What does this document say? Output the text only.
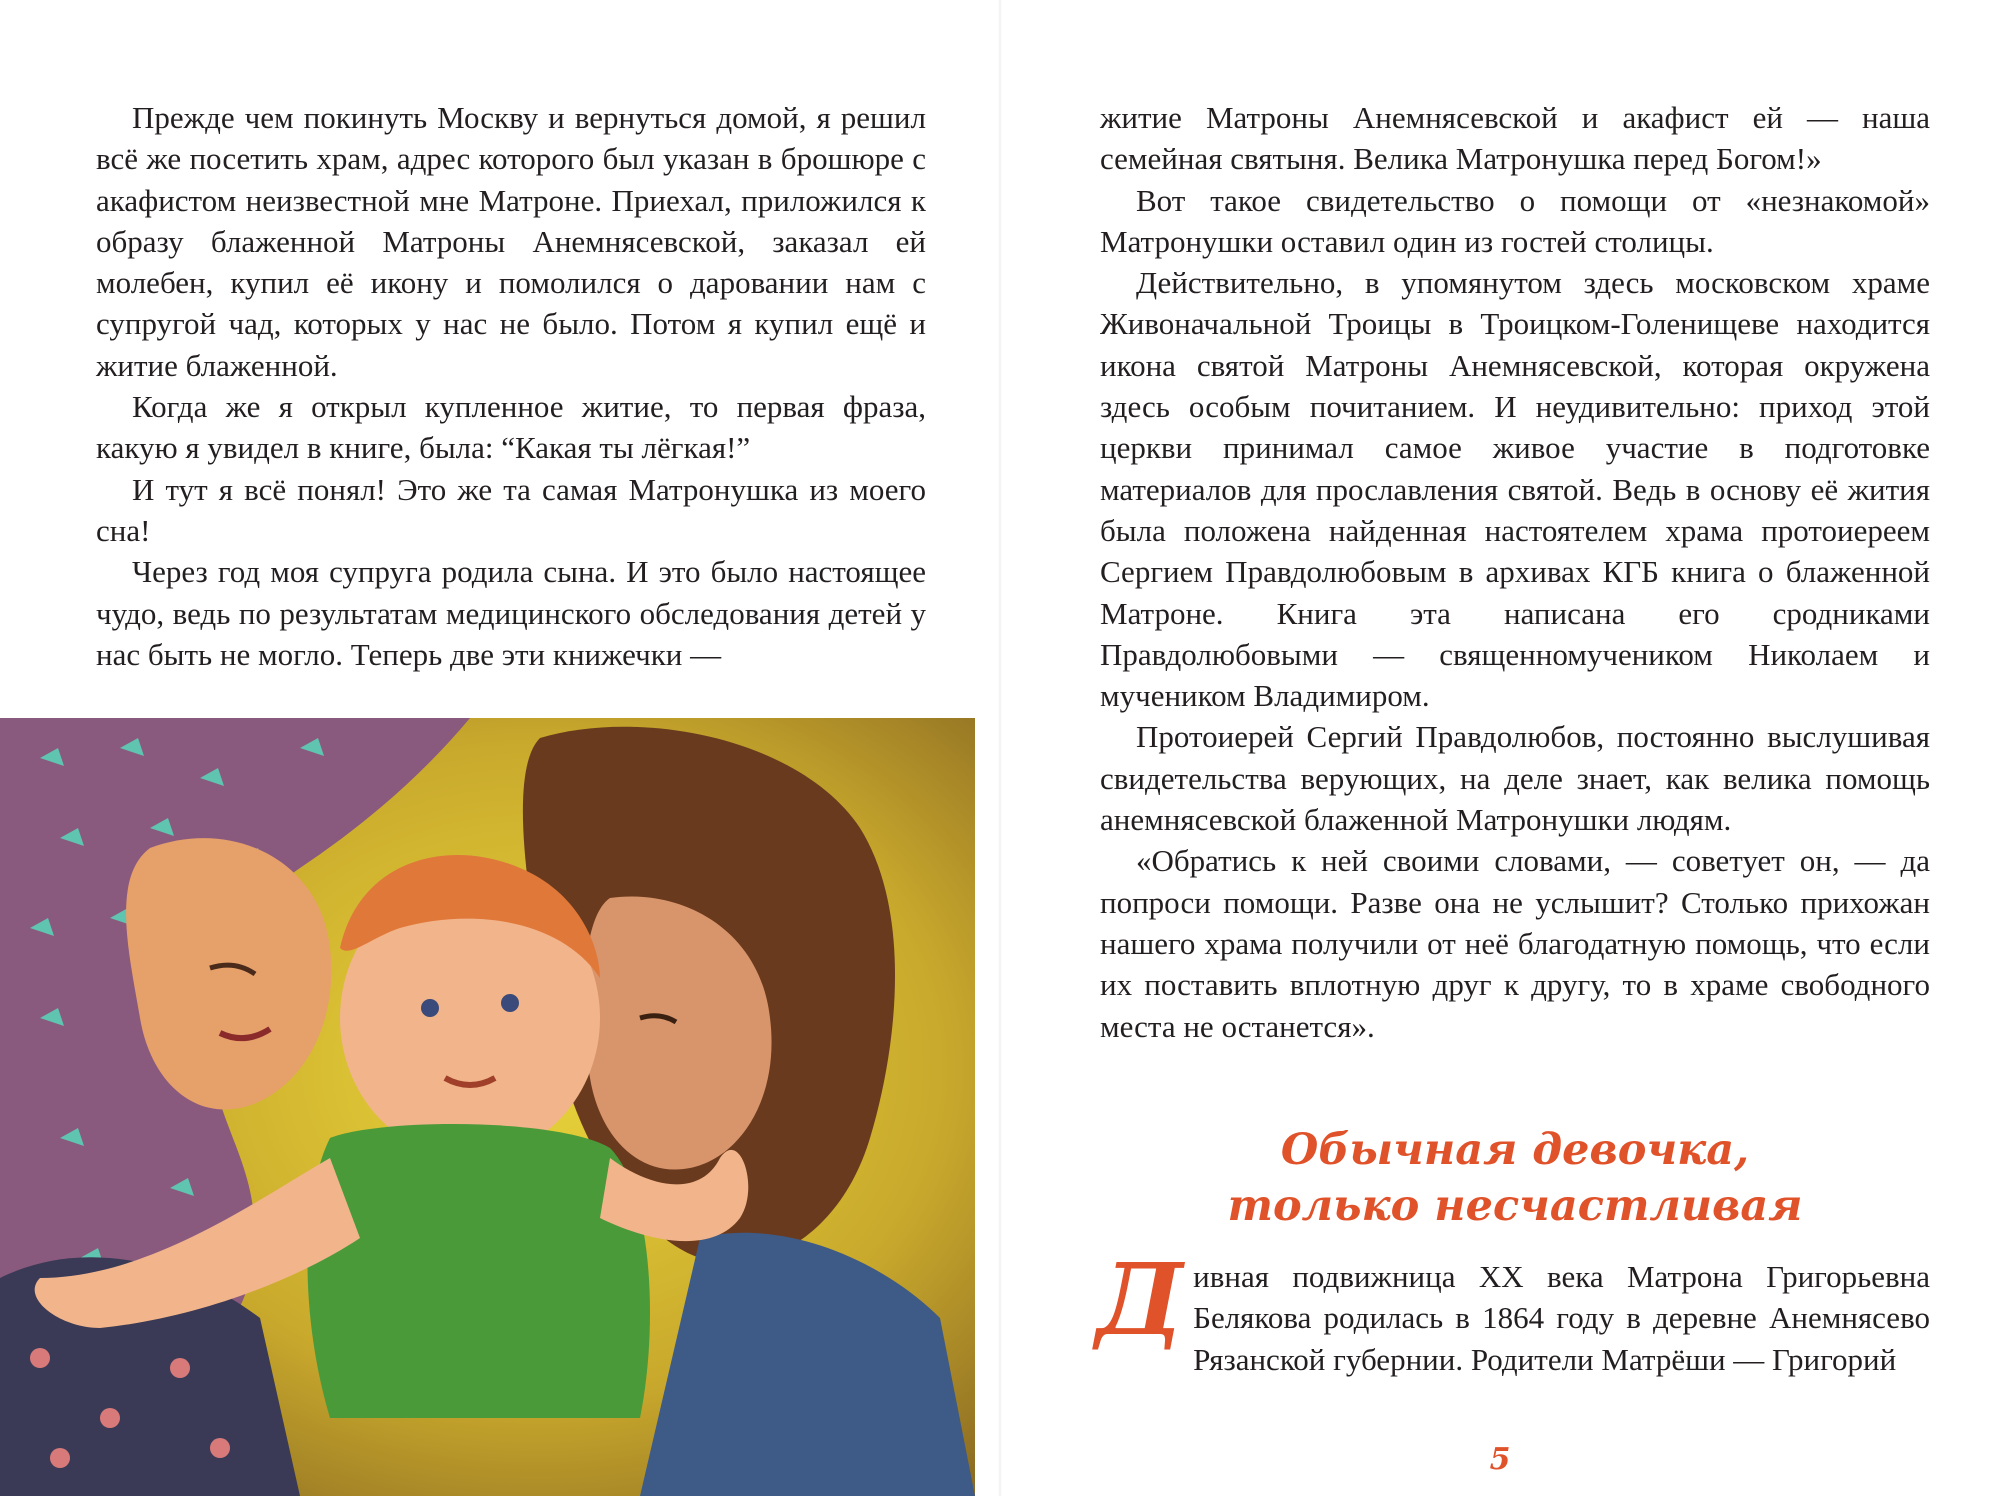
Прежде чем покинуть Москву и вернуться домой, я решил всё же посетить храм, адрес которого был указан в брошюре с акафистом неизвестной мне Матроне. Приехал, приложился к образу блаженной Матроны Анемнясевской, заказал ей молебен, купил её икону и помолился о даровании нам с супругой чад, которых у нас не было. Потом я купил ещё и житие блаженной.

Когда же я открыл купленное житие, то первая фраза, какую я увидел в книге, была: “Какая ты лёгкая!”

И тут я всё понял! Это же та самая Матронушка из моего сна!

Через год моя супруга родила сына. И это было настоящее чудо, ведь по результатам медицинского обследования детей у нас быть не могло. Теперь две эти книжечки —

житие Матроны Анемнясевской и акафист ей — наша семейная святыня. Велика Матронушка перед Богом!»

Вот такое свидетельство о помощи от «незнакомой» Матронушки оставил один из гостей столицы.

Действительно, в упомянутом здесь московском храме Живоначальной Троицы в Троицком-Голенищеве находится икона святой Матроны Анемнясевской, которая окружена здесь особым почитанием. И неудивительно: приход этой церкви принимал самое живое участие в подготовке материалов для прославления святой. Ведь в основу её жития была положена найденная настоятелем храма протоиереем Сергием Правдолюбовым в архивах КГБ книга о блаженной Матроне. Книга эта написана его сродниками Правдолюбовыми — священномучеником Николаем и мучеником Владимиром.

Протоиерей Сергий Правдолюбов, постоянно выслушивая свидетельства верующих, на деле знает, как велика помощь анемнясевской блаженной Матронушки людям.

«Обратись к ней своими словами, — советует он, — да попроси помощи. Разве она не услышит? Столько прихожан нашего храма получили от неё благодатную помощь, что если их поставить вплотную друг к другу, то в храме свободного места не останется».

Обычная девочка,
только несчастливая
Дивная подвижница XX века Матрона Григорьевна Белякова родилась в 1864 году в деревне Анемнясево Рязанской губернии. Родители Матрёши — Григорий
5
